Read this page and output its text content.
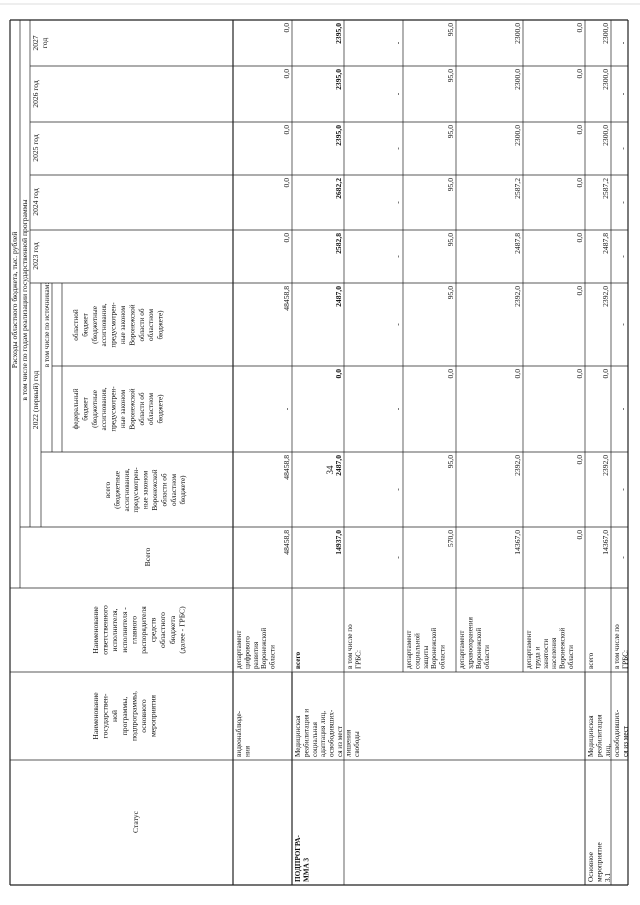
34
Статус
Наименование государствен- ной программы, подпрограммы, основного мероприятия
Наименование ответственного исполнителя, исполнителя - главного распорядителя средств областного бюджета (далее - ГРБС)
Расходы областного бюджета, тыс. рублей в том числе по годам реализации государственной программы
Всего
2022 (первый) год
в том числе по источникам:
всего (бюджетные ассигнования, предусмотрен- ные законом Воронежской области об областном бюджете)
федеральный бюджет (бюджетные ассигнования, предусмотрен- ные законом Воронежской области об областном бюджете)
областной бюджет (бюджетные ассигнования, предусмотрен- ные законом Воронежской области об областном бюджете)
2023 год
2024 год
2025 год
2026 год
2027 год
видеонаблюде- ния
департамент цифрового развития Воронежской области
48458,8
48458,8
-
48458,8
0,0
0,0
0,0
0,0
0,0
ПОДПРОГРА- ММА 3
Медицинская реабилитация и социальная адаптация лиц, освободивших- ся из мест лишения свободы
всего
14937,0
2487,0
0,0
2487,0
2582,8
2682,2
2395,0
2395,0
2395,0
в том числе по ГРБС:
-
-
-
-
-
-
-
-
-
департамент социальной защиты Воронежской области
570,0
95,0
0,0
95,0
95,0
95,0
95,0
95,0
95,0
департамент здравоохранения Воронежской области
14367,0
2392,0
0,0
2392,0
2487,8
2587,2
2300,0
2300,0
2300,0
департамент труда и занятости населения Воронежской области
0,0
0,0
0,0
0,0
0,0
0,0
0,0
0,0
0,0
Основное мероприятие 3.1
Медицинская реабилитация лиц,
всего
14367,0
2392,0
0,0
2392,0
2487,8
2587,2
2300,0
2300,0
2300,0
освободивших- ся из мест
в том числе по ГРБС:
-
-
-
-
-
-
-
-
-
